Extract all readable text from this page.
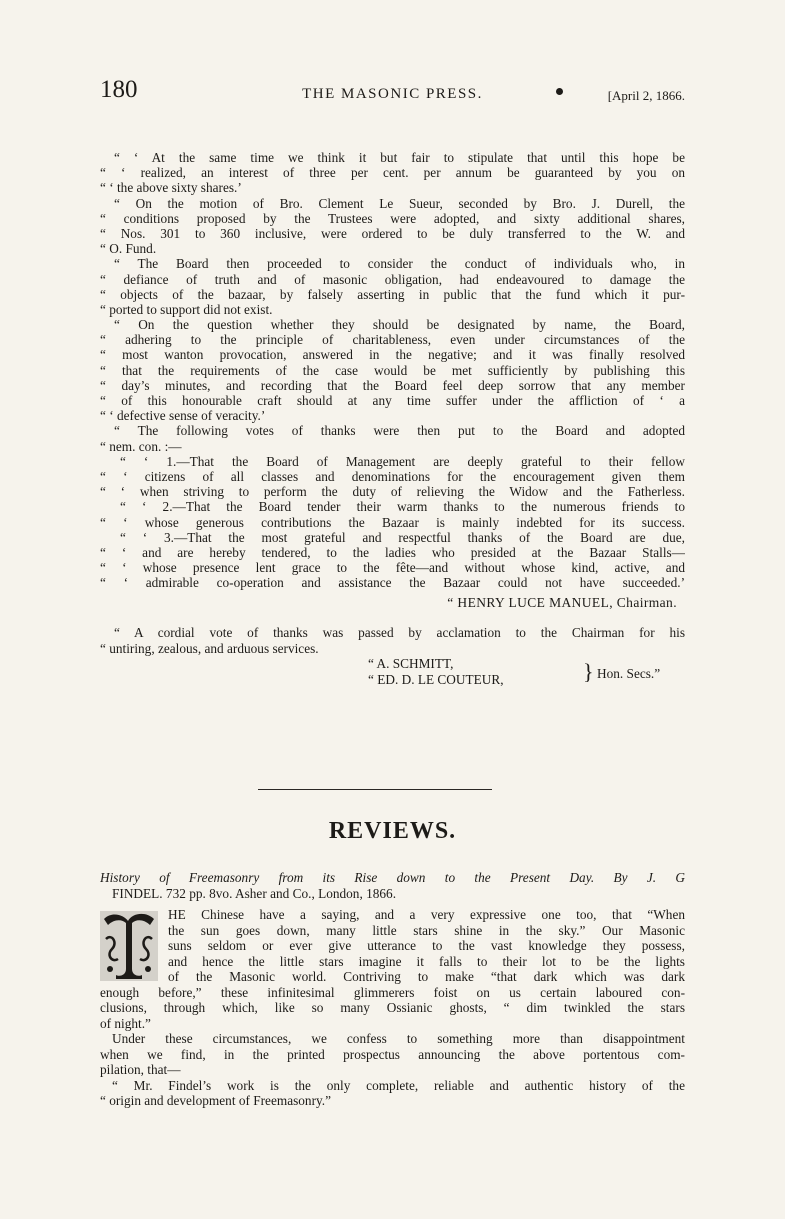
180	THE MASONIC PRESS.	[April 2, 1866.
“ ‘ At the same time we think it but fair to stipulate that until this hope be
“ ‘ realized, an interest of three per cent. per annum be guaranteed by you on
“ ‘ the above sixty shares.’
“ On the motion of Bro. Clement Le Sueur, seconded by Bro. J. Durell, the
“ conditions proposed by the Trustees were adopted, and sixty additional shares,
“ Nos. 301 to 360 inclusive, were ordered to be duly transferred to the W. and
“ O. Fund.
“ The Board then proceeded to consider the conduct of individuals who, in
“ defiance of truth and of masonic obligation, had endeavoured to damage the
“ objects of the bazaar, by falsely asserting in public that the fund which it pur-
“ ported to support did not exist.
“ On the question whether they should be designated by name, the Board,
“ adhering to the principle of charitableness, even under circumstances of the
“ most wanton provocation, answered in the negative; and it was finally resolved
“ that the requirements of the case would be met sufficiently by publishing this
“ day’s minutes, and recording that the Board feel deep sorrow that any member
“ of this honourable craft should at any time suffer under the affliction of ‘ a
“ ‘ defective sense of veracity.’
“ The following votes of thanks were then put to the Board and adopted
“ nem. con. :—
“ ‘ 1.—That the Board of Management are deeply grateful to their fellow
“ ‘ citizens of all classes and denominations for the encouragement given them
“ ‘ when striving to perform the duty of relieving the Widow and the Fatherless.
“ ‘ 2.—That the Board tender their warm thanks to the numerous friends to
“ ‘ whose generous contributions the Bazaar is mainly indebted for its success.
“ ‘ 3.—That the most grateful and respectful thanks of the Board are due,
“ ‘ and are hereby tendered, to the ladies who presided at the Bazaar Stalls—
“ ‘ whose presence lent grace to the fête—and without whose kind, active, and
“ ‘ admirable co-operation and assistance the Bazaar could not have succeeded.’
“ HENRY LUCE MANUEL, Chairman.
“ A cordial vote of thanks was passed by acclamation to the Chairman for his
“ untiring, zealous, and arduous services.
“ A. SCHMITT,
“ ED. D. LE COUTEUR,	} Hon. Secs.”
REVIEWS.
History of Freemasonry from its Rise down to the Present Day. By J. G
FINDEL. 732 pp. 8vo. Asher and Co., London, 1866.
HE Chinese have a saying, and a very expressive one too, that “When
the sun goes down, many little stars shine in the sky.” Our Masonic
suns seldom or ever give utterance to the vast knowledge they possess,
and hence the little stars imagine it falls to their lot to be the lights
of the Masonic world. Contriving to make “that dark which was dark
enough before,” these infinitesimal glimmerers foist on us certain laboured con-
clusions, through which, like so many Ossianic ghosts, “ dim twinkled the stars
of night.”
Under these circumstances, we confess to something more than disappointment
when we find, in the printed prospectus announcing the above portentous com-
pilation, that—
“ Mr. Findel’s work is the only complete, reliable and authentic history of the
“ origin and development of Freemasonry.”
